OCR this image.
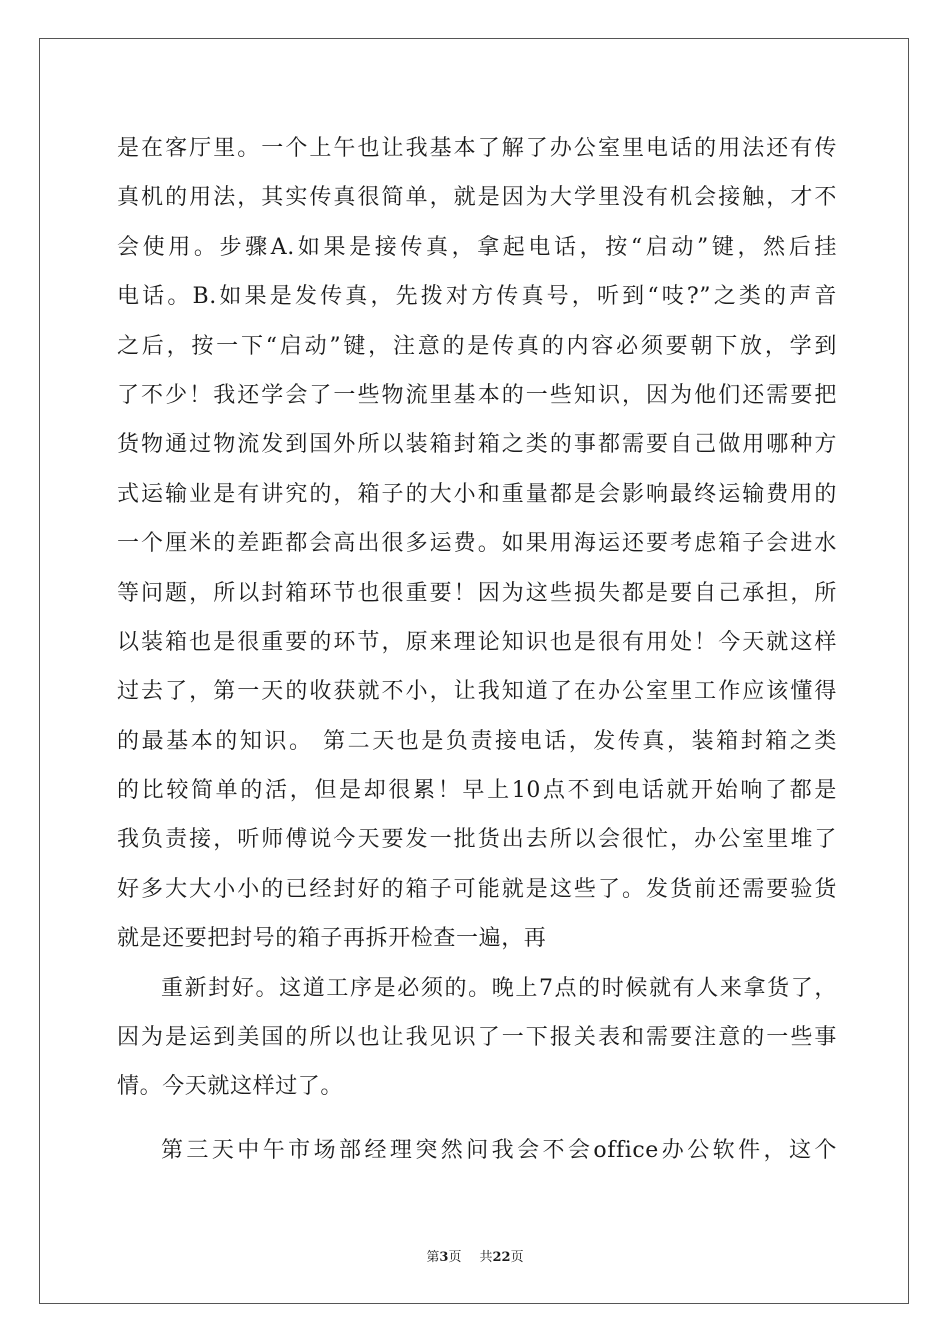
是在客厅里。一个上午也让我基本了解了办公室里电话的用法还有传
真机的用法，其实传真很简单，就是因为大学里没有机会接触，才不
会使用。步骤A.如果是接传真，拿起电话，按“启动”键，然后挂
电话。B.如果是发传真，先拨对方传真号，听到“吱?”之类的声音
之后，按一下“启动”键，注意的是传真的内容必须要朝下放，学到
了不少！我还学会了一些物流里基本的一些知识，因为他们还需要把
货物通过物流发到国外所以装箱封箱之类的事都需要自己做用哪种方
式运输业是有讲究的，箱子的大小和重量都是会影响最终运输费用的
一个厘米的差距都会高出很多运费。如果用海运还要考虑箱子会进水
等问题，所以封箱环节也很重要！因为这些损失都是要自己承担，所
以装箱也是很重要的环节，原来理论知识也是很有用处！今天就这样
过去了，第一天的收获就不小，让我知道了在办公室里工作应该懂得
的最基本的知识。 第二天也是负责接电话，发传真，装箱封箱之类
的比较简单的活，但是却很累！早上10点不到电话就开始响了都是
我负责接，听师傅说今天要发一批货出去所以会很忙，办公室里堆了
好多大大小小的已经封好的箱子可能就是这些了。发货前还需要验货
就是还要把封号的箱子再拆开检查一遍，再
重新封好。这道工序是必须的。晚上7点的时候就有人来拿货了，
因为是运到美国的所以也让我见识了一下报关表和需要注意的一些事
情。今天就这样过了。
第三天中午市场部经理突然问我会不会office办公软件，这个
第3页 共22页
